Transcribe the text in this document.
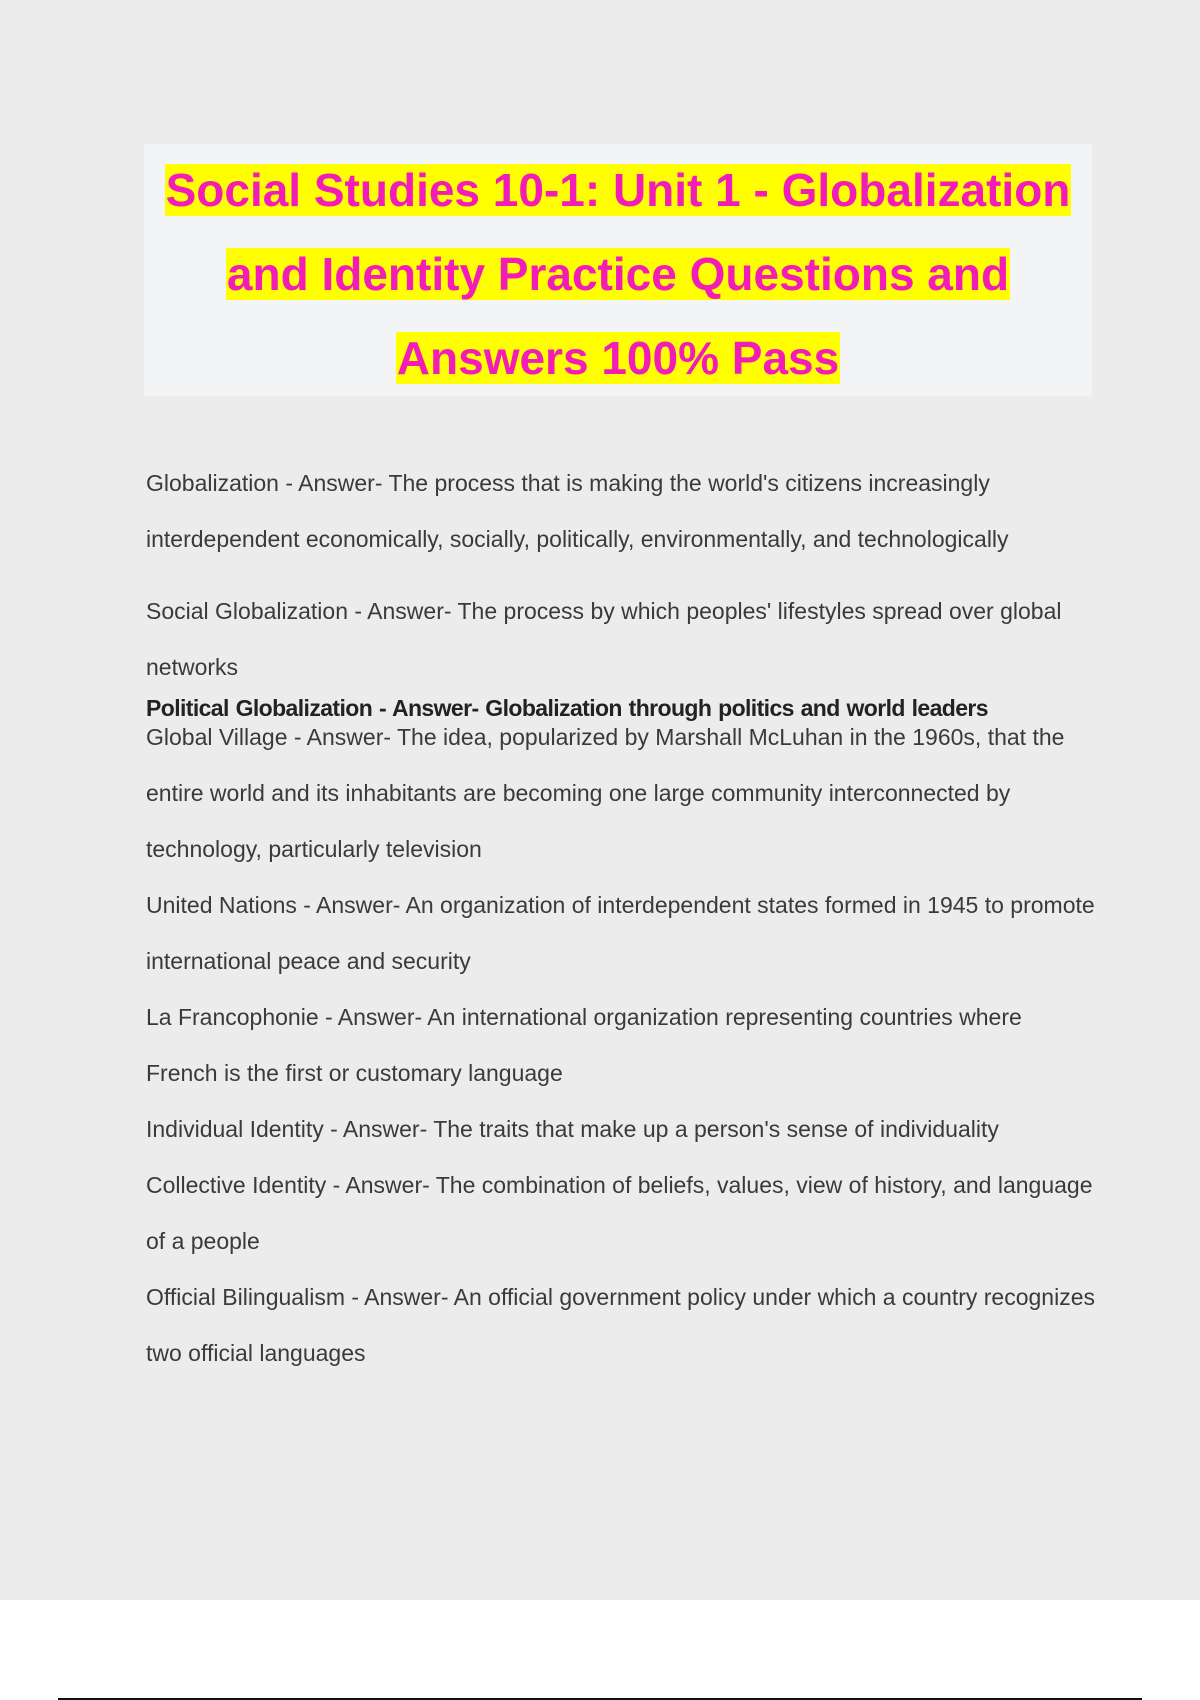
Social Studies 10-1: Unit 1 - Globalization
and Identity Practice Questions and
Answers 100% Pass

Globalization - Answer- The process that is making the world's citizens increasingly interdependent economically, socially, politically, environmentally, and technologically

Social Globalization - Answer- The process by which peoples' lifestyles spread over global networks

Political Globalization - Answer- Globalization through politics and world leaders

Global Village - Answer- The idea, popularized by Marshall McLuhan in the 1960s, that the entire world and its inhabitants are becoming one large community interconnected by technology, particularly television

United Nations - Answer- An organization of interdependent states formed in 1945 to promote international peace and security

La Francophonie - Answer- An international organization representing countries where French is the first or customary language

Individual Identity - Answer- The traits that make up a person's sense of individuality

Collective Identity - Answer- The combination of beliefs, values, view of history, and language of a people

Official Bilingualism - Answer- An official government policy under which a country recognizes two official languages
